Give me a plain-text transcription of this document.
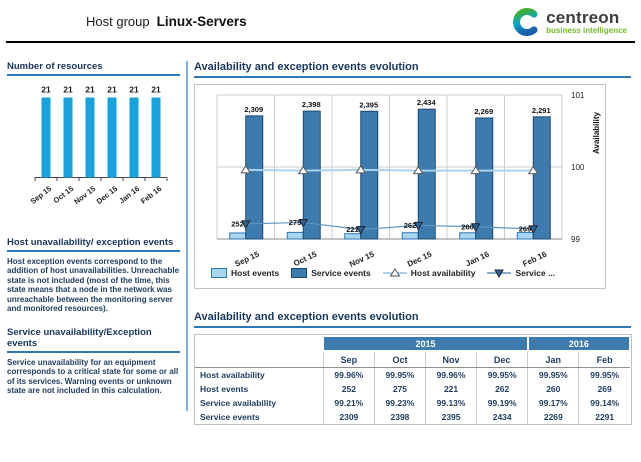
Host group Linux-Servers	centreon
business intelligence
Number of resources
21
Sep 15
21
Oct 15
21
Nov 15
21
Dec 15
21
Jan 16
21
Feb 16
Host unavailability/ exception events

Host exception events correspond to the addition of host unavailabilities. Unreachable state is not included (most of the time, this state means that a node in the network was unreachable between the monitoring server and monitored resources).

Service unavailability/Exception events

Service unavailability for an equipment corresponds to a critical state for some or all of its services. Warning events or unknown state are not included in this calculation.

Availability and exception events evolution
2,309
2,398	2,395	2,434
2,269	2,291
252
Sep 15
275
Oct 15
221
Nov 15
262
Dec 15
260
Jan 16
269
Feb 16
101
100
99
Availability
Host events	Service events	Host availability	Service ...
Availability and exception events evolution
	2015				2016	
	Sep	Oct	Nov	Dec	Jan	Feb
Host availability	99.96%	99.95%	99.96%	99.95%	99.95%	99.95%
Host events	252	275	221	262	260	269
Service availability	99.21%	99.23%	99.13%	99.19%	99.17%	99.14%
Service events	2309	2398	2395	2434	2269	2291
